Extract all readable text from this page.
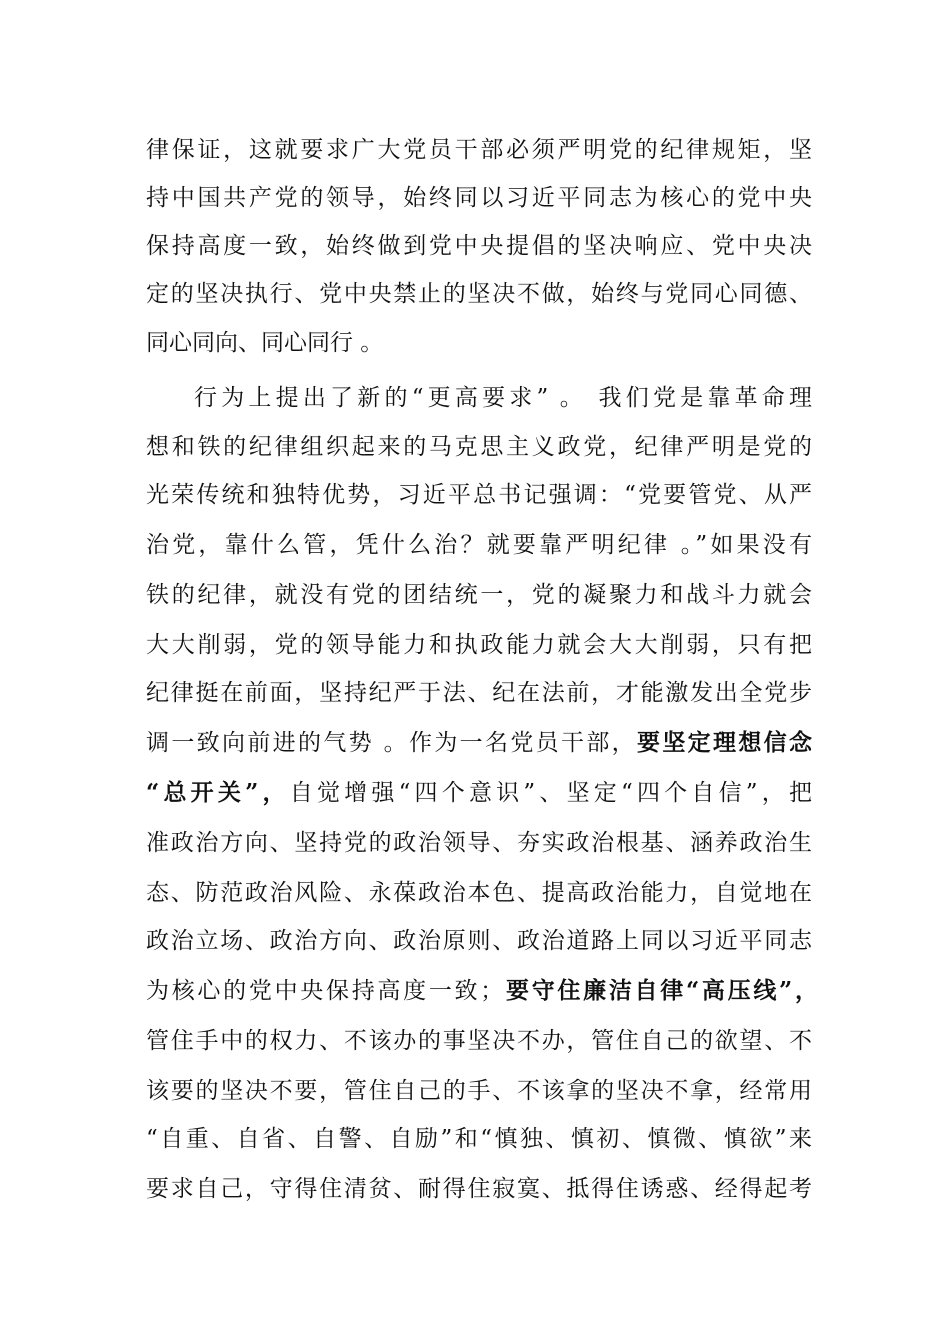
律保证，这就要求广大党员干部必须严明党的纪律规矩，坚
持中国共产党的领导，始终同以习近平同志为核心的党中央
保持高度一致，始终做到党中央提倡的坚决响应、党中央决
定的坚决执行、党中央禁止的坚决不做，始终与党同心同德、
同心同向、同心同行 。
行为上提出了新的“更高要求” 。 我们党是靠革命理
想和铁的纪律组织起来的马克思主义政党，纪律严明是党的
光荣传统和独特优势，习近平总书记强调：“党要管党、从严
治党，靠什么管，凭什么治？就要靠严明纪律 。”如果没有
铁的纪律，就没有党的团结统一，党的凝聚力和战斗力就会
大大削弱，党的领导能力和执政能力就会大大削弱，只有把
纪律挺在前面，坚持纪严于法、纪在法前，才能激发出全党步
调一致向前进的气势 。作为一名党员干部，要坚定理想信念
“总开关”，自觉增强“四个意识”、坚定“四个自信”，把
准政治方向、坚持党的政治领导、夯实政治根基、涵养政治生
态、防范政治风险、永葆政治本色、提高政治能力，自觉地在
政治立场、政治方向、政治原则、政治道路上同以习近平同志
为核心的党中央保持高度一致；要守住廉洁自律“高压线”，
管住手中的权力、不该办的事坚决不办，管住自己的欲望、不
该要的坚决不要，管住自己的手、不该拿的坚决不拿，经常用
“自重、自省、自警、自励”和“慎独、慎初、慎微、慎欲”来
要求自己，守得住清贫、耐得住寂寞、抵得住诱惑、经得起考
